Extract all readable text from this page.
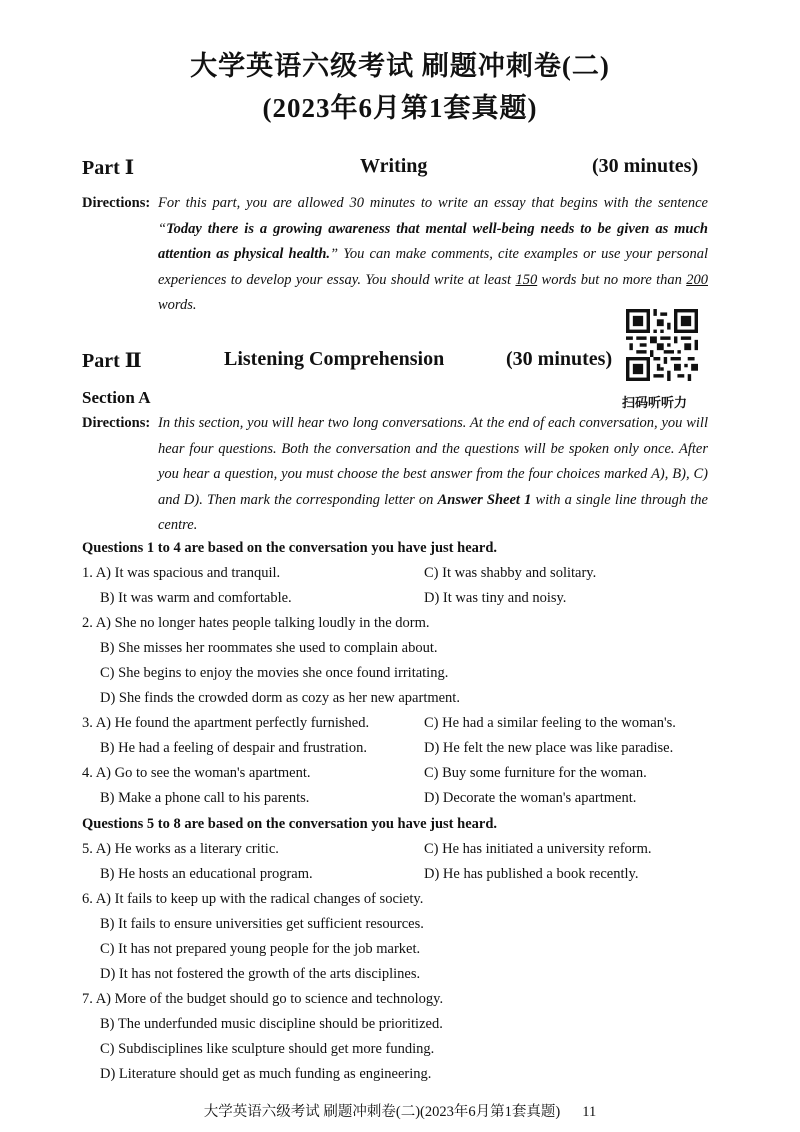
大学英语六级考试 刷题冲刺卷(二)
(2023年6月第1套真题)
Part Ⅰ	Writing	(30 minutes)
Directions: For this part, you are allowed 30 minutes to write an essay that begins with the sentence “Today there is a growing awareness that mental well-being needs to be given as much attention as physical health.” You can make comments, cite examples or use your personal experiences to develop your essay. You should write at least 150 words but no more than 200 words.
Part Ⅱ	Listening Comprehension	(30 minutes)
扫码听听力
Section A
Directions: In this section, you will hear two long conversations. At the end of each conversation, you will hear four questions. Both the conversation and the questions will be spoken only once. After you hear a question, you must choose the best answer from the four choices marked A), B), C) and D). Then mark the corresponding letter on Answer Sheet 1 with a single line through the centre.
Questions 1 to 4 are based on the conversation you have just heard.
1. A) It was spacious and tranquil.	C) It was shabby and solitary.
B) It was warm and comfortable.	D) It was tiny and noisy.
2. A) She no longer hates people talking loudly in the dorm.
B) She misses her roommates she used to complain about.
C) She begins to enjoy the movies she once found irritating.
D) She finds the crowded dorm as cozy as her new apartment.
3. A) He found the apartment perfectly furnished.	C) He had a similar feeling to the woman's.
B) He had a feeling of despair and frustration.	D) He felt the new place was like paradise.
4. A) Go to see the woman's apartment.	C) Buy some furniture for the woman.
B) Make a phone call to his parents.	D) Decorate the woman's apartment.
Questions 5 to 8 are based on the conversation you have just heard.
5. A) He works as a literary critic.	C) He has initiated a university reform.
B) He hosts an educational program.	D) He has published a book recently.
6. A) It fails to keep up with the radical changes of society.
B) It fails to ensure universities get sufficient resources.
C) It has not prepared young people for the job market.
D) It has not fostered the growth of the arts disciplines.
7. A) More of the budget should go to science and technology.
B) The underfunded music discipline should be prioritized.
C) Subdisciplines like sculpture should get more funding.
D) Literature should get as much funding as engineering.
大学英语六级考试 刷题冲刺卷(二)(2023年6月第1套真题) 11
